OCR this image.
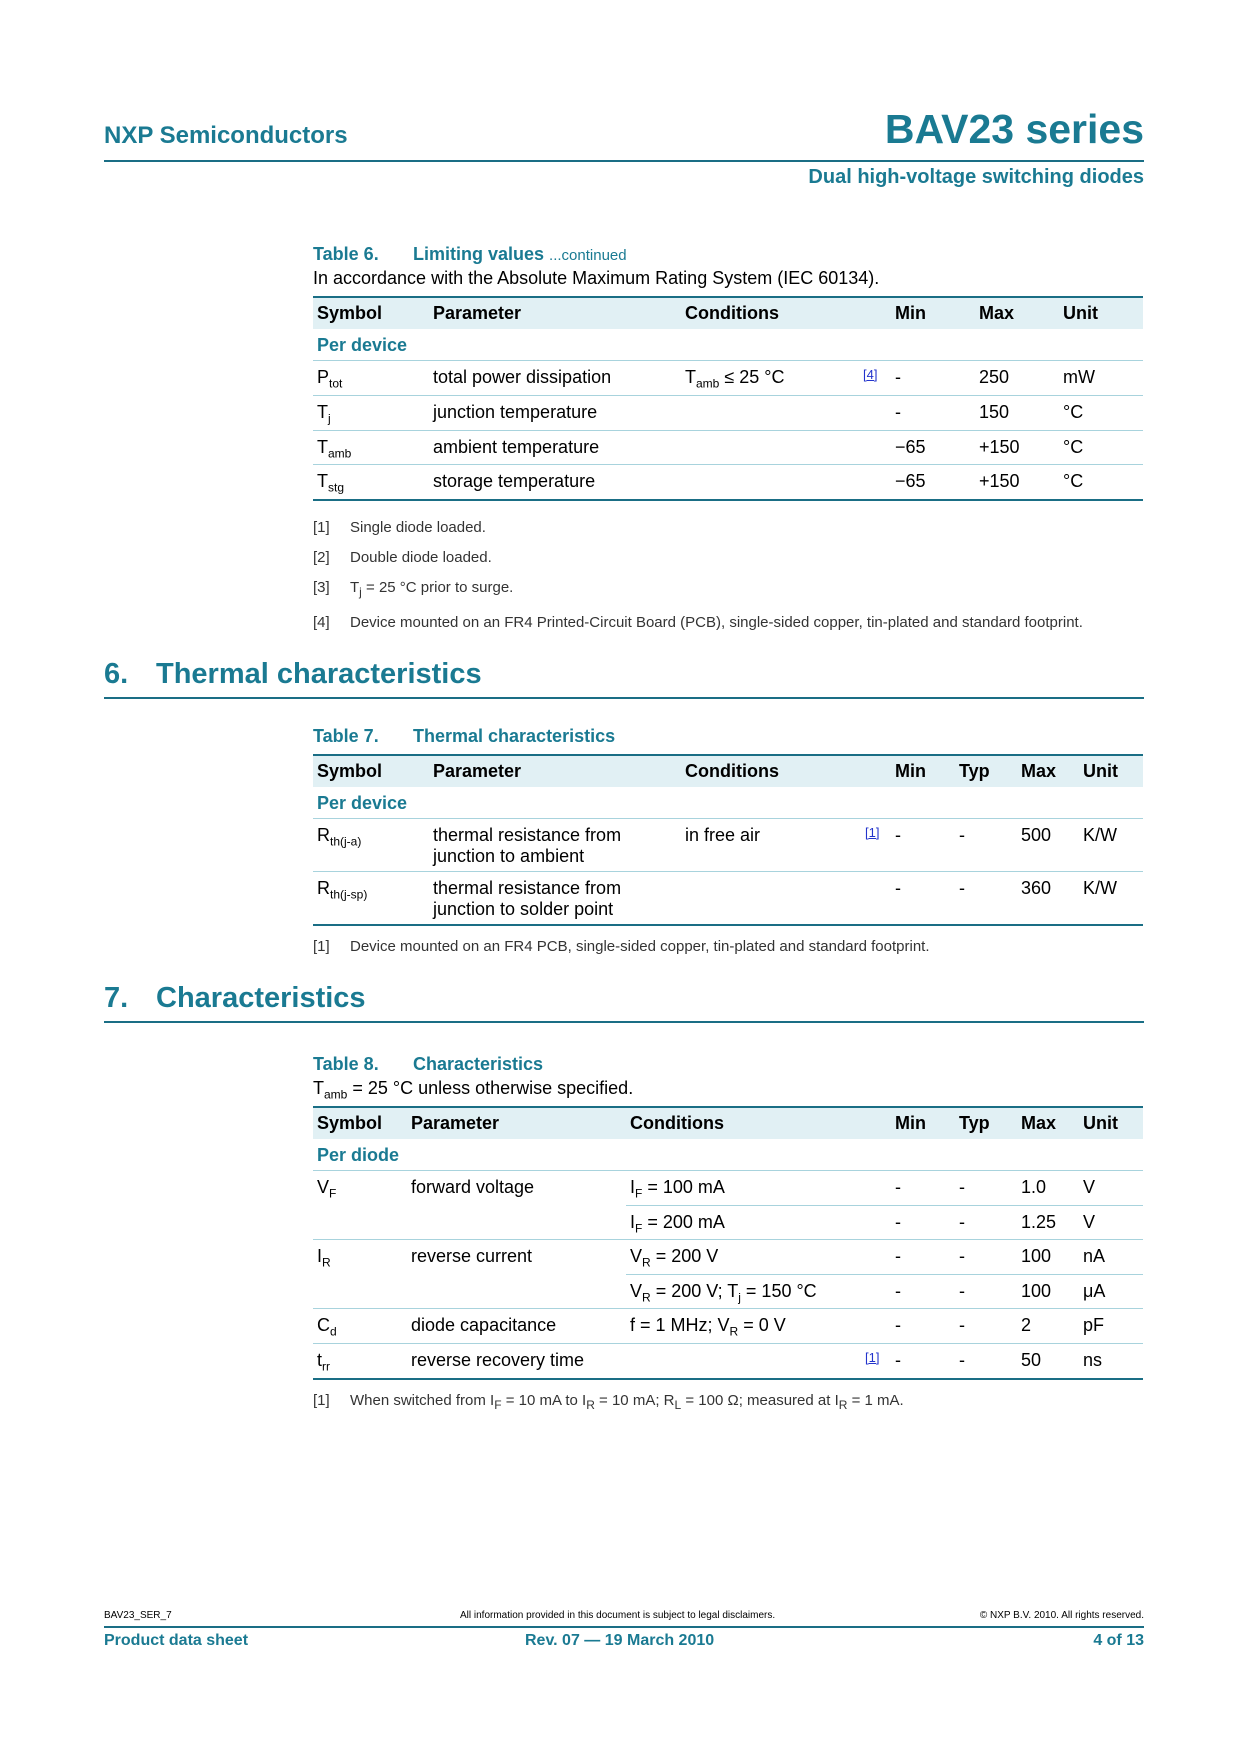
NXP Semiconductors	BAV23 series
Dual high-voltage switching diodes
Table 6. Limiting values ...continued
In accordance with the Absolute Maximum Rating System (IEC 60134).
Symbol	Parameter	Conditions		Min	Max	Unit
Per device						
$P_{tot}$	total power dissipation	$T_{amb} \le 25$ °C	[4]	-	250	mW
$T_j$	junction temperature			-	150	°C
$T_{amb}$	ambient temperature			−65	+150	°C
$T_{stg}$	storage temperature			−65	+150	°C
[1]	Single diode loaded.
[2]	Double diode loaded.
[3]	$T_j = 25$ °C prior to surge.
[4]	Device mounted on an FR4 Printed-Circuit Board (PCB), single-sided copper, tin-plated and standard footprint.
6. Thermal characteristics
Table 7. Thermal characteristics
Symbol	Parameter	Conditions		Min	Typ	Max	Unit
Per device							
$R_{th(j-a)}$	thermal resistance from junction to ambient	in free air	[1]	-	-	500	K/W
$R_{th(j-sp)}$	thermal resistance from junction to solder point			-	-	360	K/W
[1]	Device mounted on an FR4 PCB, single-sided copper, tin-plated and standard footprint.
7. Characteristics
Table 8. Characteristics
$T_{amb} = 25$ °C unless otherwise specified.
Symbol	Parameter	Conditions		Min	Typ	Max	Unit
Per diode							
$V_F$	forward voltage	$I_F = 100$ mA		-	-	1.0	V
		$I_F = 200$ mA		-	-	1.25	V
$I_R$	reverse current	$V_R = 200$ V		-	-	100	nA
		$V_R = 200$ V; $T_j = 150$ °C		-	-	100	μA
$C_d$	diode capacitance	f = 1 MHz; $V_R = 0$ V		-	-	2	pF
$t_{rr}$	reverse recovery time		[1]	-	-	50	ns
[1]	When switched from $I_F = 10$ mA to $I_R = 10$ mA; $R_L = 100$ Ω; measured at $I_R = 1$ mA.
BAV23_SER_7	All information provided in this document is subject to legal disclaimers.	© NXP B.V. 2010. All rights reserved.
Product data sheet	Rev. 07 — 19 March 2010	4 of 13
